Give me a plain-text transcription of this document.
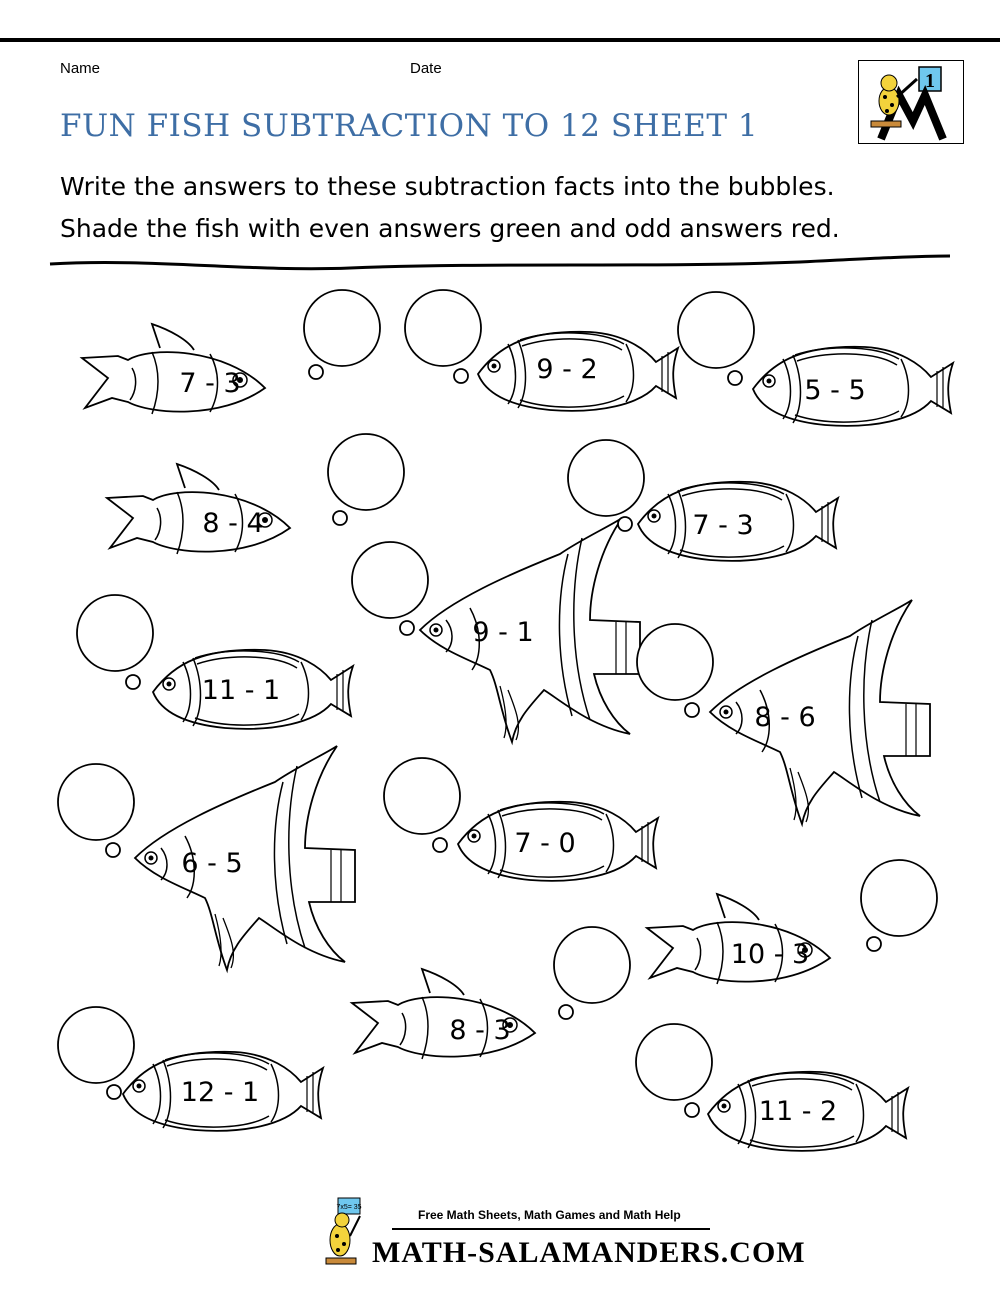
Name	Date
1
FUN FISH SUBTRACTION TO 12 SHEET 1
Write the answers to these subtraction facts into the bubbles.
Shade the fish with even answers green and odd answers red.
7 - 3	9 - 2
5 - 5
8 - 4	7 - 3
9 - 1
11 - 1
8 - 6
6 - 5
7 - 0
10 - 3
8 - 3
12 - 1
11 - 2
7x5= 35
Free Math Sheets, Math Games and Math Help
MATH-SALAMANDERS.COM
